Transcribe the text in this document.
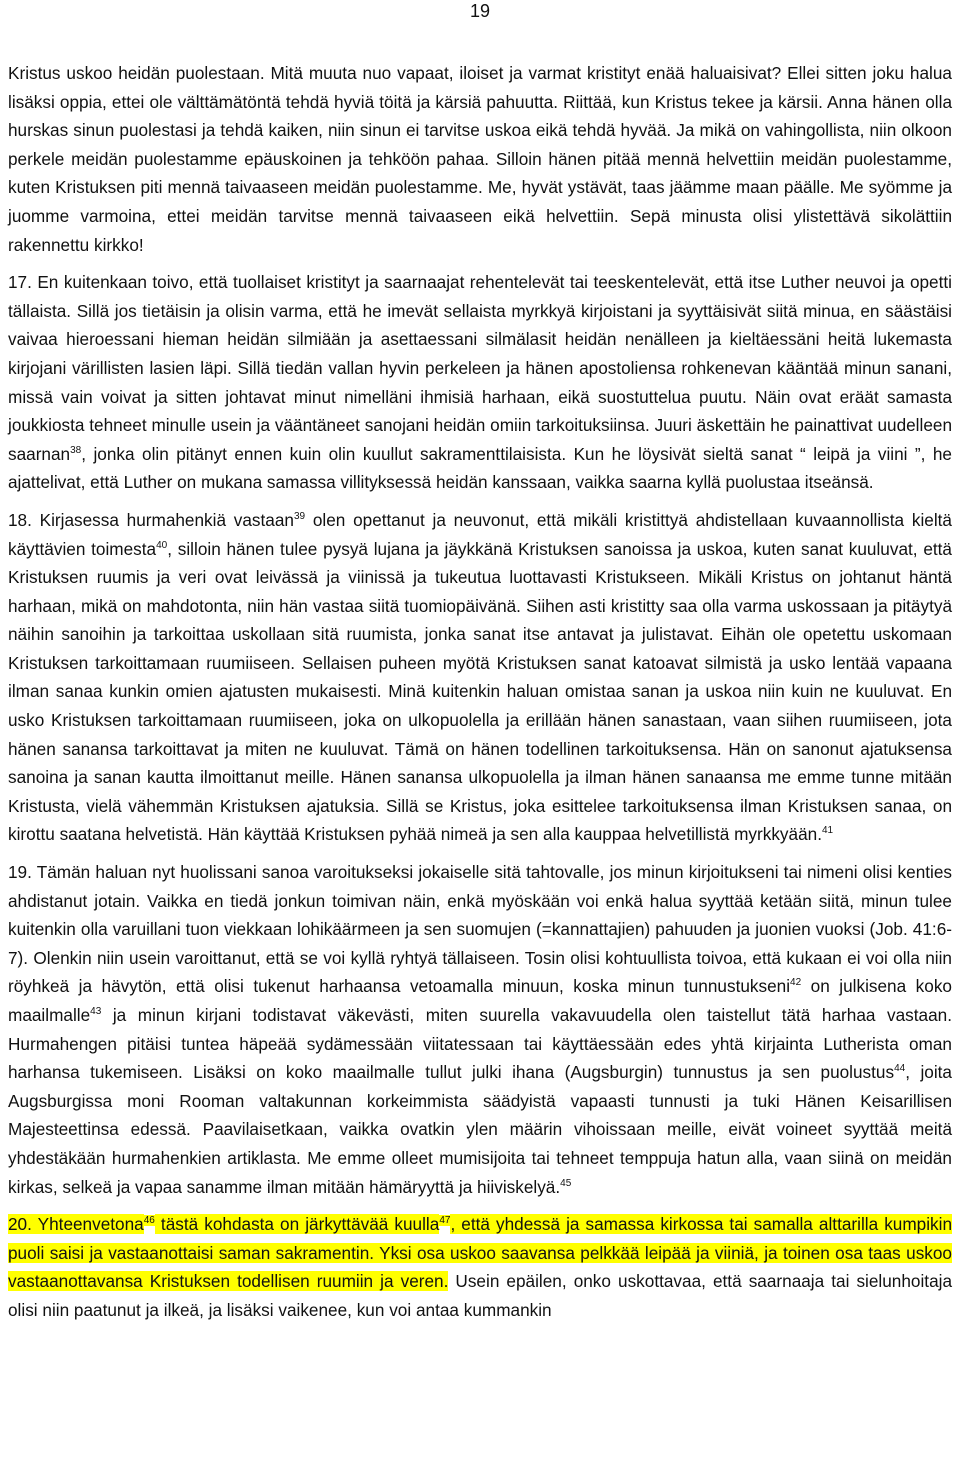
19

Kristus uskoo heidän puolestaan. Mitä muuta nuo vapaat, iloiset ja varmat kristityt enää haluaisivat? Ellei sitten joku halua lisäksi oppia, ettei ole välttämätöntä tehdä hyviä töitä ja kärsiä pahuutta. Riittää, kun Kristus tekee ja kärsii. Anna hänen olla hurskas sinun puolestasi ja tehdä kaiken, niin sinun ei tarvitse uskoa eikä tehdä hyvää. Ja mikä on vahingollista, niin olkoon perkele meidän puolestamme epäuskoinen ja tehköön pahaa. Silloin hänen pitää mennä helvettiin meidän puolestamme, kuten Kristuksen piti mennä taivaaseen meidän puolestamme. Me, hyvät ystävät, taas jäämme maan päälle. Me syömme ja juomme varmoina, ettei meidän tarvitse mennä taivaaseen eikä helvettiin. Sepä minusta olisi ylistettävä sikolättiin rakennettu kirkko!

17. En kuitenkaan toivo, että tuollaiset kristityt ja saarnaajat rehentelevät tai teeskentelevät, että itse Luther neuvoi ja opetti tällaista. Sillä jos tietäisin ja olisin varma, että he imevät sellaista myrkkyä kirjoistani ja syyttäisivät siitä minua, en säästäisi vaivaa hieroessani hieman heidän silmiään ja asettaessani silmälasit heidän nenälleen ja kieltäessäni heitä lukemasta kirjojani värillisten lasien läpi. Sillä tiedän vallan hyvin perkeleen ja hänen apostoliensa rohkenevan kääntää minun sanani, missä vain voivat ja sitten johtavat minut nimelläni ihmisiä harhaan, eikä suostuttelua puutu. Näin ovat eräät samasta joukkiosta tehneet minulle usein ja vääntäneet sanojani heidän omiin tarkoituksiinsa. Juuri äskettäin he painattivat uudelleen saarnan$^{38}$, jonka olin pitänyt ennen kuin olin kuullut sakramenttilaisista. Kun he löysivät sieltä sanat “ leipä ja viini ”, he ajattelivat, että Luther on mukana samassa villityksessä heidän kanssaan, vaikka saarna kyllä puolustaa itseänsä.

18. Kirjasessa hurmahenkiä vastaan$^{39}$ olen opettanut ja neuvonut, että mikäli kristittyä ahdistellaan kuvaannollista kieltä käyttävien toimesta$^{40}$, silloin hänen tulee pysyä lujana ja jäykkänä Kristuksen sanoissa ja uskoa, kuten sanat kuuluvat, että Kristuksen ruumis ja veri ovat leivässä ja viinissä ja tukeutua luottavasti Kristukseen. Mikäli Kristus on johtanut häntä harhaan, mikä on mahdotonta, niin hän vastaa siitä tuomiopäivänä. Siihen asti kristitty saa olla varma uskossaan ja pitäytyä näihin sanoihin ja tarkoittaa uskollaan sitä ruumista, jonka sanat itse antavat ja julistavat. Eihän ole opetettu uskomaan Kristuksen tarkoittamaan ruumiiseen. Sellaisen puheen myötä Kristuksen sanat katoavat silmistä ja usko lentää vapaana ilman sanaa kunkin omien ajatusten mukaisesti. Minä kuitenkin haluan omistaa sanan ja uskoa niin kuin ne kuuluvat. En usko Kristuksen tarkoittamaan ruumiiseen, joka on ulkopuolella ja erillään hänen sanastaan, vaan siihen ruumiiseen, jota hänen sanansa tarkoittavat ja miten ne kuuluvat. Tämä on hänen todellinen tarkoituksensa. Hän on sanonut ajatuksensa sanoina ja sanan kautta ilmoittanut meille. Hänen sanansa ulkopuolella ja ilman hänen sanaansa me emme tunne mitään Kristusta, vielä vähemmän Kristuksen ajatuksia. Sillä se Kristus, joka esittelee tarkoituksensa ilman Kristuksen sanaa, on kirottu saatana helvetistä. Hän käyttää Kristuksen pyhää nimeä ja sen alla kauppaa helvetillistä myrkkyään.$^{41}$

19. Tämän haluan nyt huolissani sanoa varoitukseksi jokaiselle sitä tahtovalle, jos minun kirjoitukseni tai nimeni olisi kenties ahdistanut jotain. Vaikka en tiedä jonkun toimivan näin, enkä myöskään voi enkä halua syyttää ketään siitä, minun tulee kuitenkin olla varuillani tuon viekkaan lohikäärmeen ja sen suomujen (=kannattajien) pahuuden ja juonien vuoksi (Job. 41:6-7). Olenkin niin usein varoittanut, että se voi kyllä ryhtyä tällaiseen. Tosin olisi kohtuullista toivoa, että kukaan ei voi olla niin röyhkeä ja hävytön, että olisi tukenut harhaansa vetoamalla minuun, koska minun tunnustukseni$^{42}$ on julkisena koko maailmalle$^{43}$ ja minun kirjani todistavat väkevästi, miten suurella vakavuudella olen taistellut tätä harhaa vastaan. Hurmahengen pitäisi tuntea häpeää sydämessään viitatessaan tai käyttäessään edes yhtä kirjainta Lutherista oman harhansa tukemiseen. Lisäksi on koko maailmalle tullut julki ihana (Augsburgin) tunnustus ja sen puolustus$^{44}$, joita Augsburgissa moni Rooman valtakunnan korkeimmista säädyistä vapaasti tunnusti ja tuki Hänen Keisarillisen Majesteettinsa edessä. Paavilaisetkaan, vaikka ovatkin ylen määrin vihoissaan meille, eivät voineet syyttää meitä yhdestäkään hurmahenkien artiklasta. Me emme olleet mumisijoita tai tehneet temppuja hatun alla, vaan siinä on meidän kirkas, selkeä ja vapaa sanamme ilman mitään hämäryyttä ja hiiviskelyä.$^{45}$

20. Yhteenvetona$^{46}$ tästä kohdasta on järkyttävää kuulla$^{47}$, että yhdessä ja samassa kirkossa tai samalla alttarilla kumpikin puoli saisi ja vastaanottaisi saman sakramentin. Yksi osa uskoo saavansa pelkkää leipää ja viiniä, ja toinen osa taas uskoo vastaanottavansa Kristuksen todellisen ruumiin ja veren. Usein epäilen, onko uskottavaa, että saarnaaja tai sielunhoitaja olisi niin paatunut ja ilkeä, ja lisäksi vaikenee, kun voi antaa kummankin
